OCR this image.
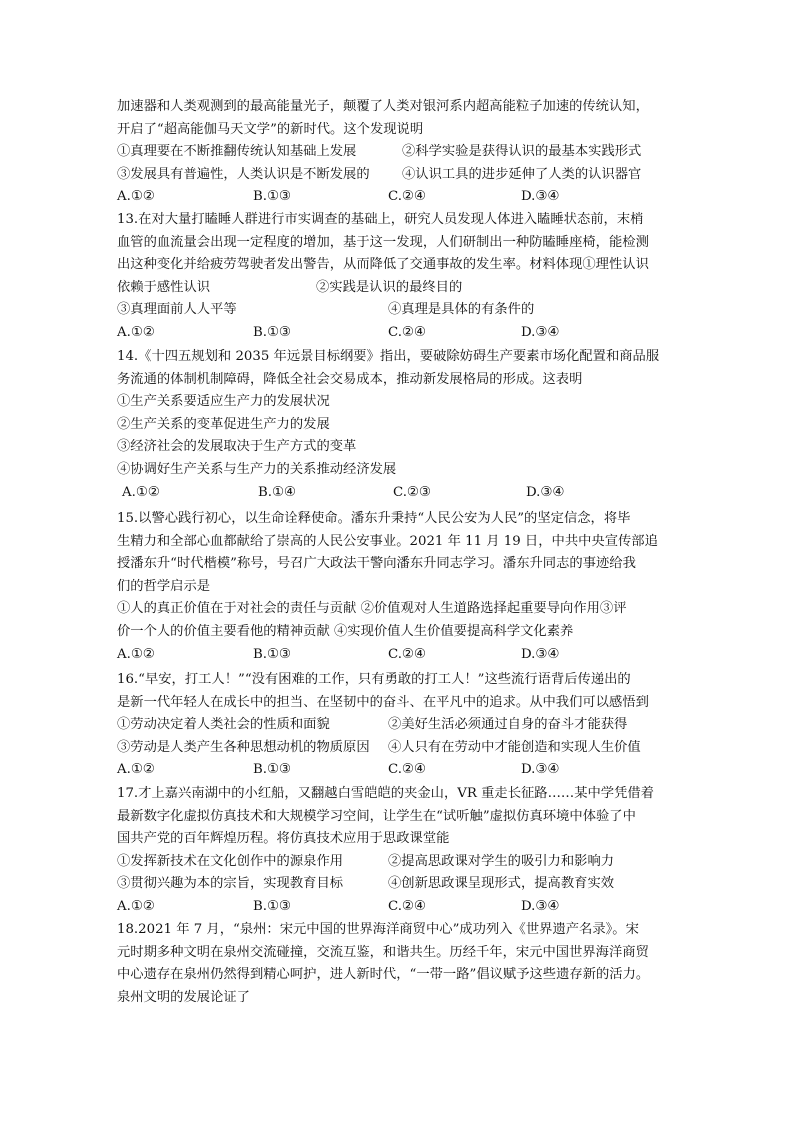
加速器和人类观测到的最高能量光子，颠覆了人类对银河系内超高能粒子加速的传统认知，
开启了“超高能伽马天文学”的新时代。这个发现说明
①真理要在不断推翻传统认知基础上发展	②科学实验是获得认识的最基本实践形式
③发展具有普遍性，人类认识是不断发展的 ④认识工具的进步延伸了人类的认识器官
A.①②	B.①③	C.②④	D.③④
13.在对大量打瞌睡人群进行市实调查的基础上，研究人员发现人体进入瞌睡状态前，末梢
血管的血流量会出现一定程度的增加，基于这一发现，人们研制出一种防瞌睡座椅，能检测
出这种变化并给疲劳驾驶者发出警告，从而降低了交通事故的发生率。材料体现①理性认识
依赖于感性认识	②实践是认识的最终目的
③真理面前人人平等	④真理是具体的有条件的
A.①②	B.①③	C.②④	D.③④
14.《十四五规划和 2035 年远景目标纲要》指出，要破除妨碍生产要素市场化配置和商品服
务流通的体制机制障碍，降低全社会交易成本，推动新发展格局的形成。这表明
①生产关系要适应生产力的发展状况
②生产关系的变革促进生产力的发展
③经济社会的发展取决于生产方式的变革
④协调好生产关系与生产力的关系推动经济发展
A.①②	B.①④	C.②③	D.③④
15.以警心践行初心，以生命诠释使命。潘东升秉持“人民公安为人民”的坚定信念，将毕
生精力和全部心血都献给了崇高的人民公安事业。2021 年 11 月 19 日，中共中央宣传部追
授潘东升“时代楷模”称号，号召广大政法干警向潘东升同志学习。潘东升同志的事迹给我
们的哲学启示是
①人的真正价值在于对社会的责任与贡献 ②价值观对人生道路选择起重要导向作用③评
价一个人的价值主要看他的精神贡献 ④实现价值人生价值要提高科学文化素养
A.①②	B.①③	C.②④	D.③④
16.“早安，打工人！”“没有困难的工作，只有勇敢的打工人！”这些流行语背后传递出的
是新一代年轻人在成长中的担当、在坚韧中的奋斗、在平凡中的追求。从中我们可以感悟到
①劳动决定着人类社会的性质和面貌	②美好生活必须通过自身的奋斗才能获得
③劳动是人类产生各种思想动机的物质原因 ④人只有在劳动中才能创造和实现人生价值
A.①②	B.①③	C.②④	D.③④
17.才上嘉兴南湖中的小红船，又翻越白雪皑皑的夹金山，VR 重走长征路……某中学凭借着
最新数字化虚拟仿真技术和大规模学习空间，让学生在“试听触”虚拟仿真环境中体验了中
国共产党的百年辉煌历程。将仿真技术应用于思政课堂能
①发挥新技术在文化创作中的源泉作用	②提高思政课对学生的吸引力和影响力
③贯彻兴趣为本的宗旨，实现教育目标	④创新思政课呈现形式，提高教育实效
A.①②	B.①③	C.②④	D.③④
18.2021 年 7 月，“泉州：宋元中国的世界海洋商贸中心”成功列入《世界遗产名录》。宋
元时期多种文明在泉州交流碰撞，交流互鉴，和谐共生。历经千年，宋元中国世界海洋商贸
中心遗存在泉州仍然得到精心呵护，进人新时代，“一带一路”倡议赋予这些遗存新的活力。
泉州文明的发展论证了
